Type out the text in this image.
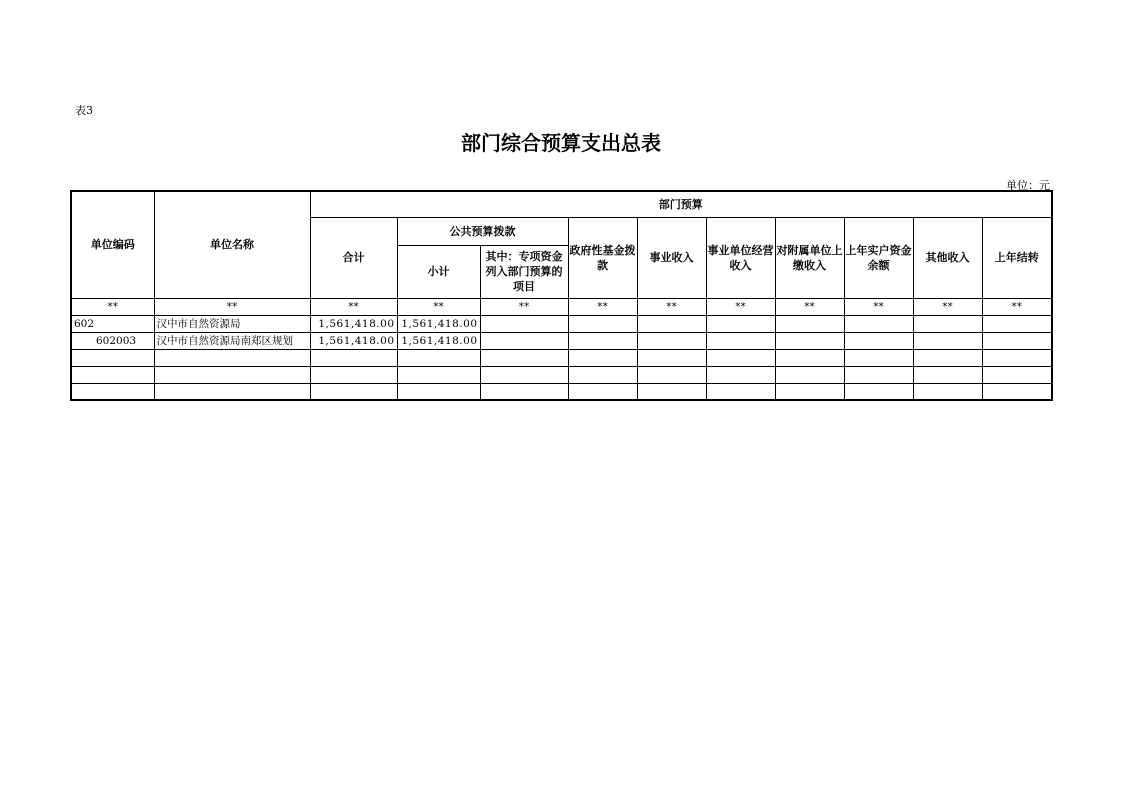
表3
部门综合预算支出总表
单位：元
单位编码	单位名称	部门预算									
		合计	公共预算拨款		政府性基金拨款	事业收入	事业单位经营收入	对附属单位上缴收入	上年实户资金余额	其他收入	上年结转
			小计	其中：专项资金列入部门预算的项目							
**	**	**	**	**	**	**	**	**	**	**	**
602	汉中市自然资源局	1,561,418.00	1,561,418.00								
602003	汉中市自然资源局南郑区规划	1,561,418.00	1,561,418.00								
